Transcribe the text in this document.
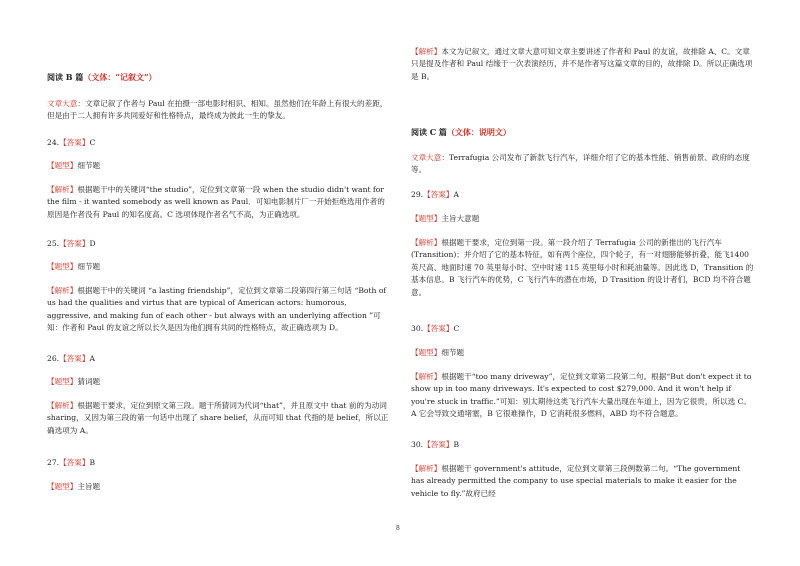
阅读 B 篇（文体：“记叙文”）

文章大意：文章记叙了作者与 Paul 在拍摄一部电影时相识、相知。虽然他们在年龄上有很大的差距，但是由于二人拥有许多共同爱好和性格特点，最终成为彼此一生的挚友。

24.【答案】C

【题型】细节题

【解析】根据题干中的关键词“the studio”，定位到文章第一段 when the studio didn't want for the film - it wanted somebody as well known as Paul．可知电影制片厂一开始拒绝选用作者的原因是作者没有 Paul 的知名度高。C 选项体现作者名气不高，为正确选项。

25.【答案】D

【题型】细节题

【解析】根据题干中的关键词 “a lasting friendship”，定位到文章第二段第四行第三句话 “Both of us had the qualities and virtus that are typical of American actors: humorous, aggressive, and making fun of each other - but always with an underlying affection ”可知：作者和 Paul 的友谊之所以长久是因为他们拥有共同的性格特点，故正确选项为 D。

26.【答案】A

【题型】猜词题

【解析】根据题干要求，定位到原文第三段。题干所猜词为代词“that”，并且原文中 that 前的为动词 sharing，又因为第三段的第一句话中出现了 share belief，从而可知 that 代指的是 belief，所以正确选项为 A。

27.【答案】B

【题型】主旨题

【解析】本文为记叙文，通过文章大意可知文章主要讲述了作者和 Paul 的友谊，故排除 A、C。文章只是提及作者和 Paul 结缘于一次表演经历，并不是作者写这篇文章的目的，故排除 D。所以正确选项是 B。

阅读 C 篇（文体：说明文）

文章大意：Terrafugia 公司发布了新款飞行汽车，详细介绍了它的基本性能、销售前景、政府的态度等。

29.【答案】A

【题型】主旨大意题

【解析】根据题干要求，定位到第一段。第一段介绍了 Terrafugia 公司的新推出的飞行汽车(Transition)；并介绍了它的基本特征，如有两个座位，四个轮子，有一对翅膀能够折叠，能飞1400 英尺高、地面时速 70 英里每小时、空中时速 115 英里每小时和耗油量等。因此选 D，Transition 的基本信息。B 飞行汽车的优势，C 飞行汽车的潜在市场，D Trasition 的设计者们，BCD 均不符合题意。

30.【答案】C

【题型】细节题

【解析】根据题干“too many driveway”，定位到文章第二段第二句。根据“But don't expect it to show up in too many driveways. It's expected to cost $279,000. And it won't help if you're stuck in traffic.”可知：别太期待这类飞行汽车大量出现在车道上，因为它很贵，所以选 C。A 它会导致交通堵塞，B 它很难操作，D 它消耗很多燃料，ABD 均不符合题意。

30.【答案】B

【解析】根据题干 government's attitude，定位到文章第三段例数第二句。“The government has already permitted the company to use special materials to make it easier for the vehicle to fly.”故府已经

8
